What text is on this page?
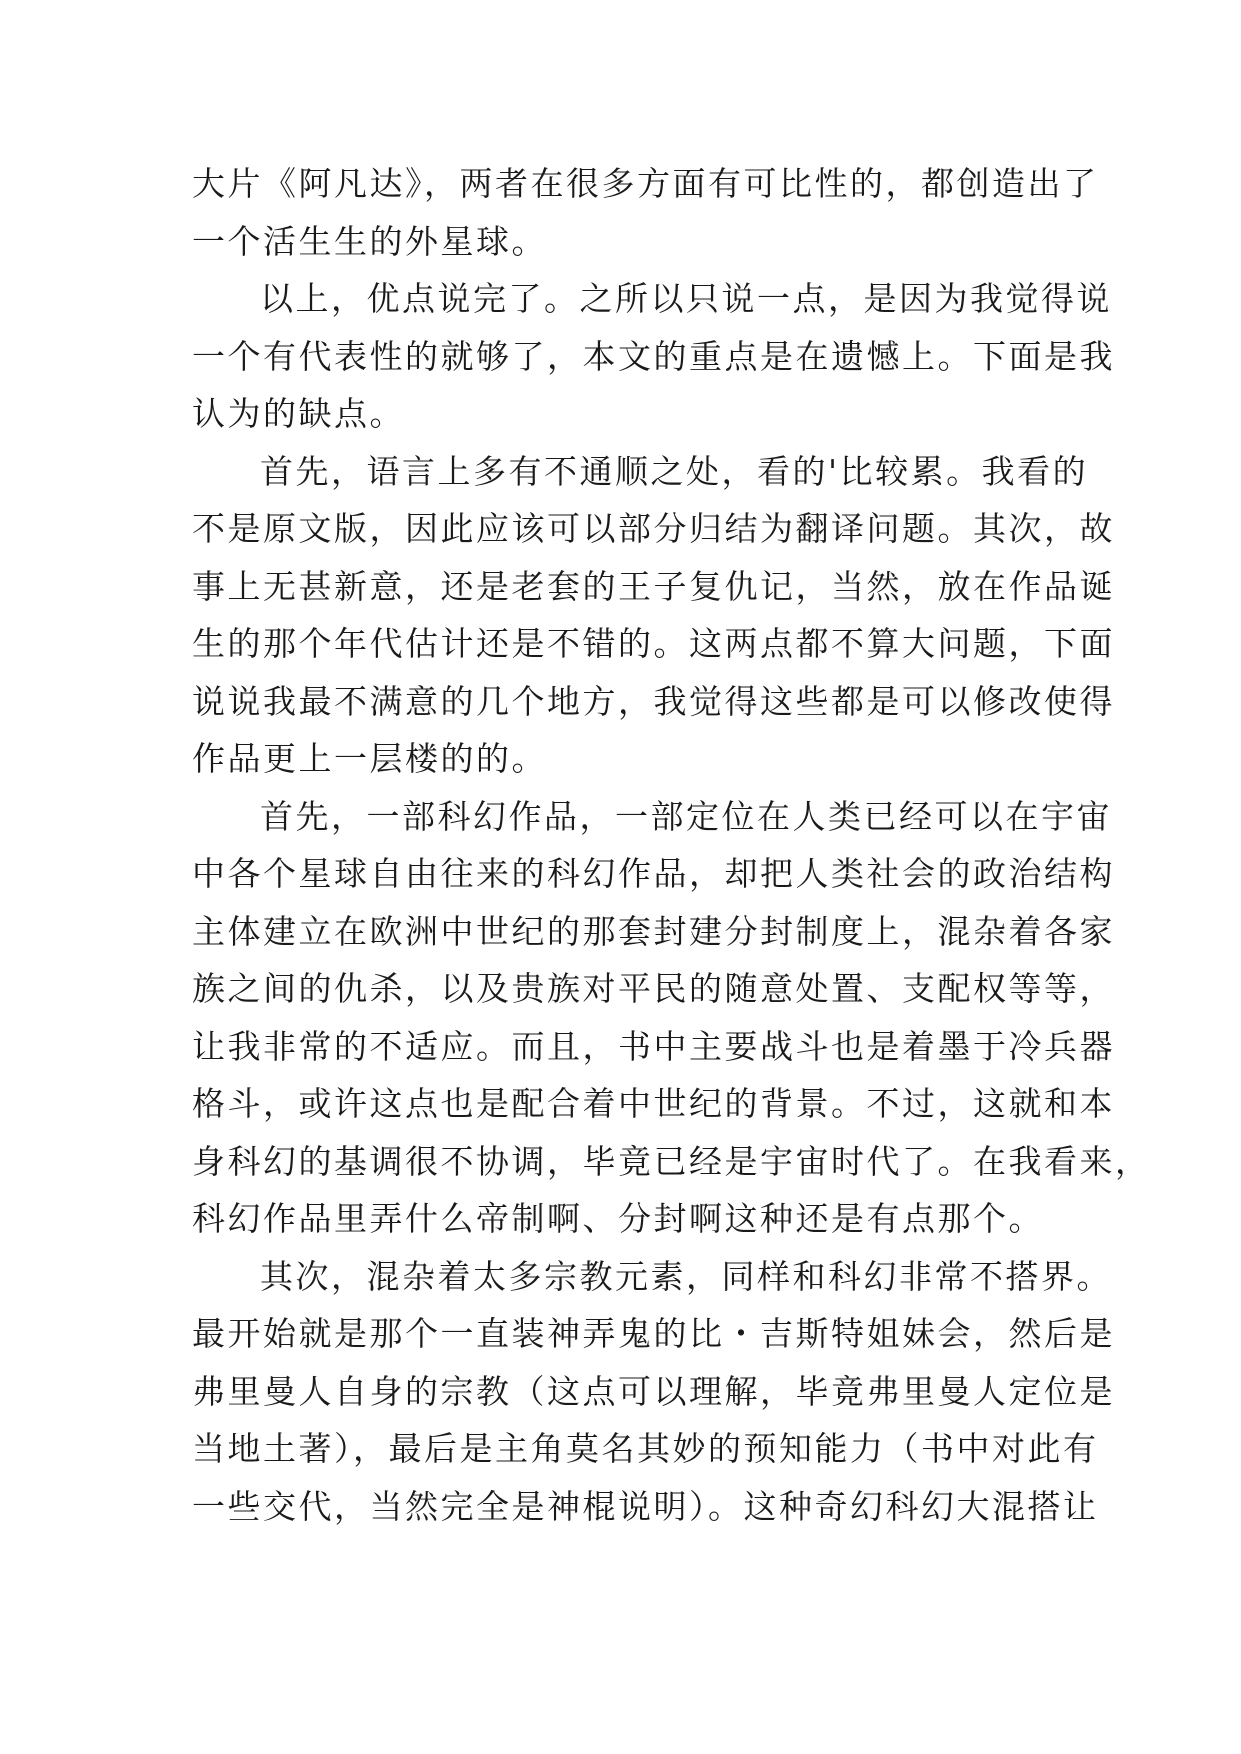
大片《阿凡达》，两者在很多方面有可比性的，都创造出了
一个活生生的外星球。
以上，优点说完了。之所以只说一点，是因为我觉得说
一个有代表性的就够了，本文的重点是在遗憾上。下面是我
认为的缺点。
首先，语言上多有不通顺之处，看的'比较累。我看的
不是原文版，因此应该可以部分归结为翻译问题。其次，故
事上无甚新意，还是老套的王子复仇记，当然，放在作品诞
生的那个年代估计还是不错的。这两点都不算大问题，下面
说说我最不满意的几个地方，我觉得这些都是可以修改使得
作品更上一层楼的的。
首先，一部科幻作品，一部定位在人类已经可以在宇宙
中各个星球自由往来的科幻作品，却把人类社会的政治结构
主体建立在欧洲中世纪的那套封建分封制度上，混杂着各家
族之间的仇杀，以及贵族对平民的随意处置、支配权等等，
让我非常的不适应。而且，书中主要战斗也是着墨于冷兵器
格斗，或许这点也是配合着中世纪的背景。不过，这就和本
身科幻的基调很不协调，毕竟已经是宇宙时代了。在我看来，
科幻作品里弄什么帝制啊、分封啊这种还是有点那个。
其次，混杂着太多宗教元素，同样和科幻非常不搭界。
最开始就是那个一直装神弄鬼的比・吉斯特姐妹会，然后是
弗里曼人自身的宗教（这点可以理解，毕竟弗里曼人定位是
当地土著），最后是主角莫名其妙的预知能力（书中对此有
一些交代，当然完全是神棍说明）。这种奇幻科幻大混搭让
